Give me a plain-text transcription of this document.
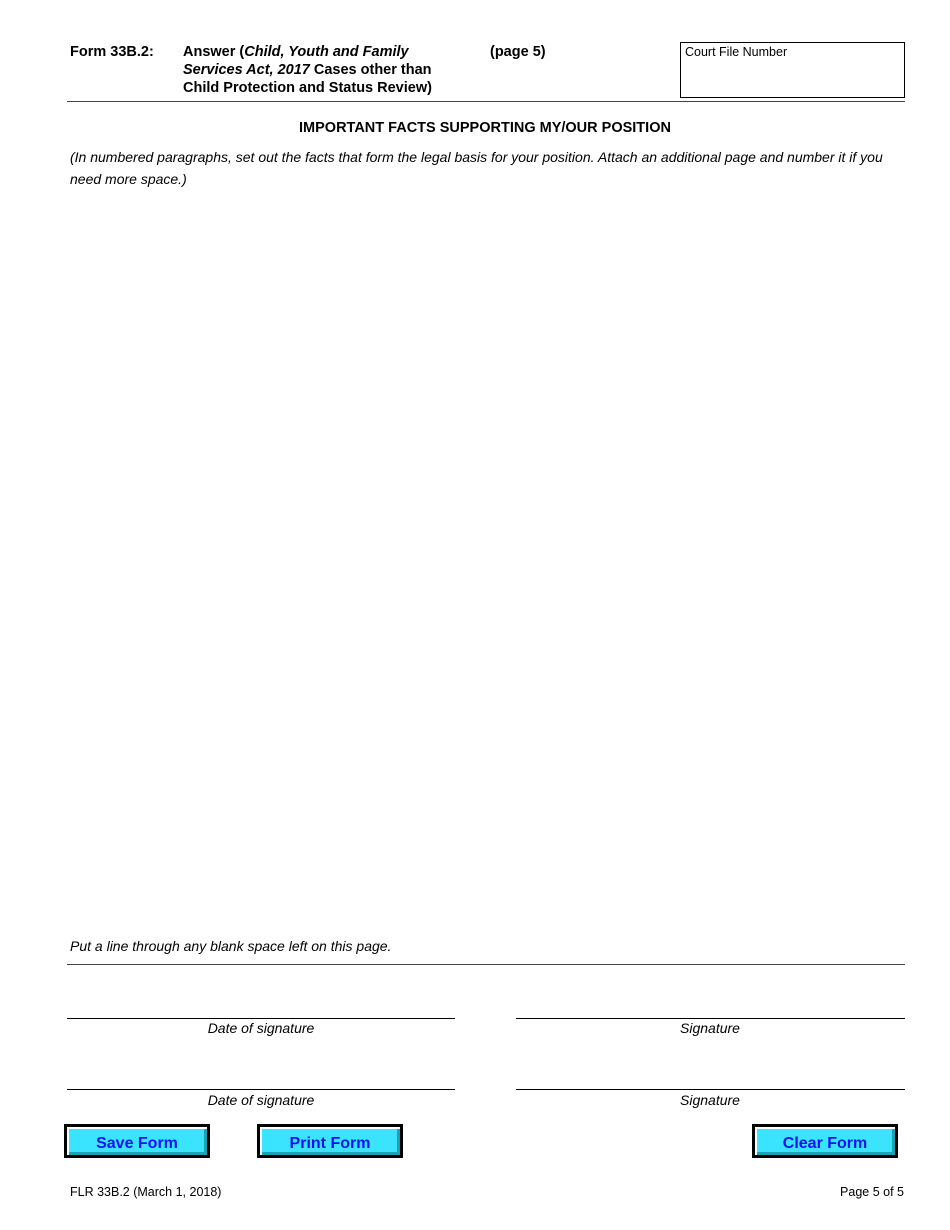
Form 33B.2: Answer (Child, Youth and Family
Services Act, 2017 Cases other than
Child Protection and Status Review)
(page 5)	Court File Number
IMPORTANT FACTS SUPPORTING MY/OUR POSITION
(In numbered paragraphs, set out the facts that form the legal basis for your position. Attach an additional page and number it if you need more space.)
Put a line through any blank space left on this page.
Date of signature	Signature
Date of signature	Signature
Save Form	Print Form	Clear Form
FLR 33B.2 (March 1, 2018)	Page 5 of 5
